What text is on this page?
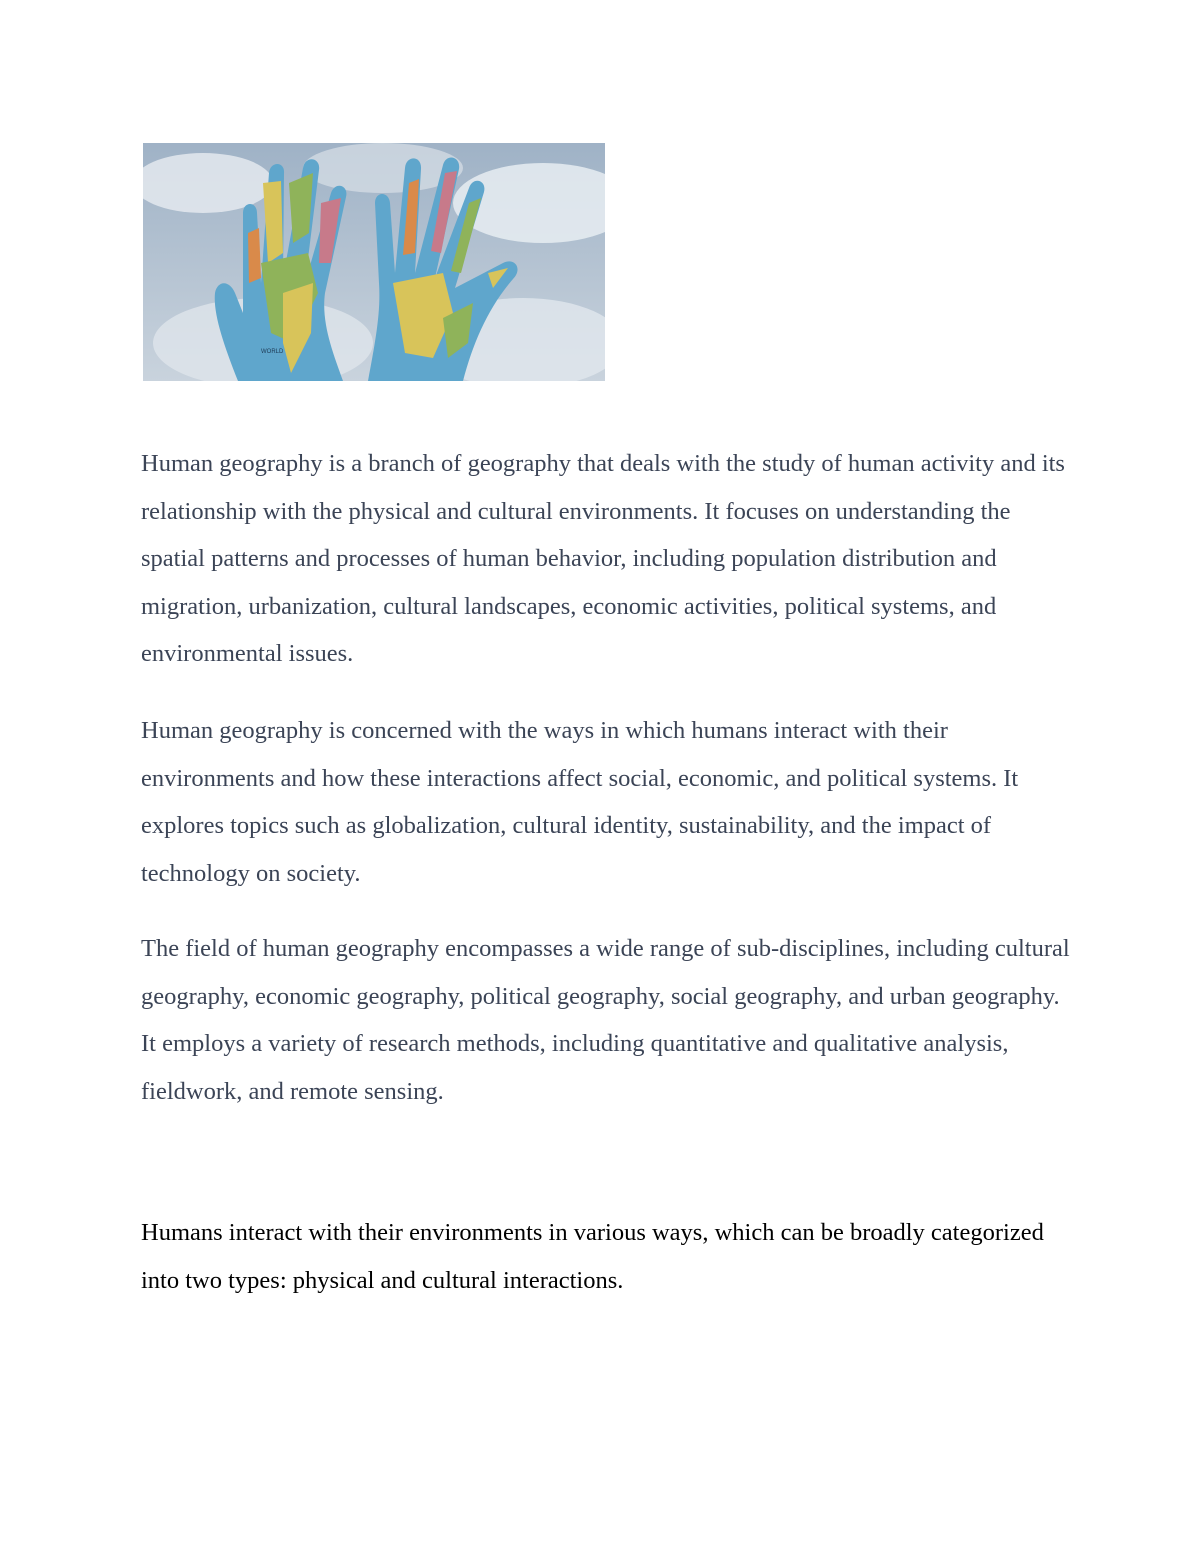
WORLD

Human geography is a branch of geography that deals with the study of human activity and its relationship with the physical and cultural environments. It focuses on understanding the spatial patterns and processes of human behavior, including population distribution and migration, urbanization, cultural landscapes, economic activities, political systems, and environmental issues.

Human geography is concerned with the ways in which humans interact with their environments and how these interactions affect social, economic, and political systems. It explores topics such as globalization, cultural identity, sustainability, and the impact of technology on society.

The field of human geography encompasses a wide range of sub-disciplines, including cultural geography, economic geography, political geography, social geography, and urban geography. It employs a variety of research methods, including quantitative and qualitative analysis, fieldwork, and remote sensing.

Humans interact with their environments in various ways, which can be broadly categorized into two types: physical and cultural interactions.
